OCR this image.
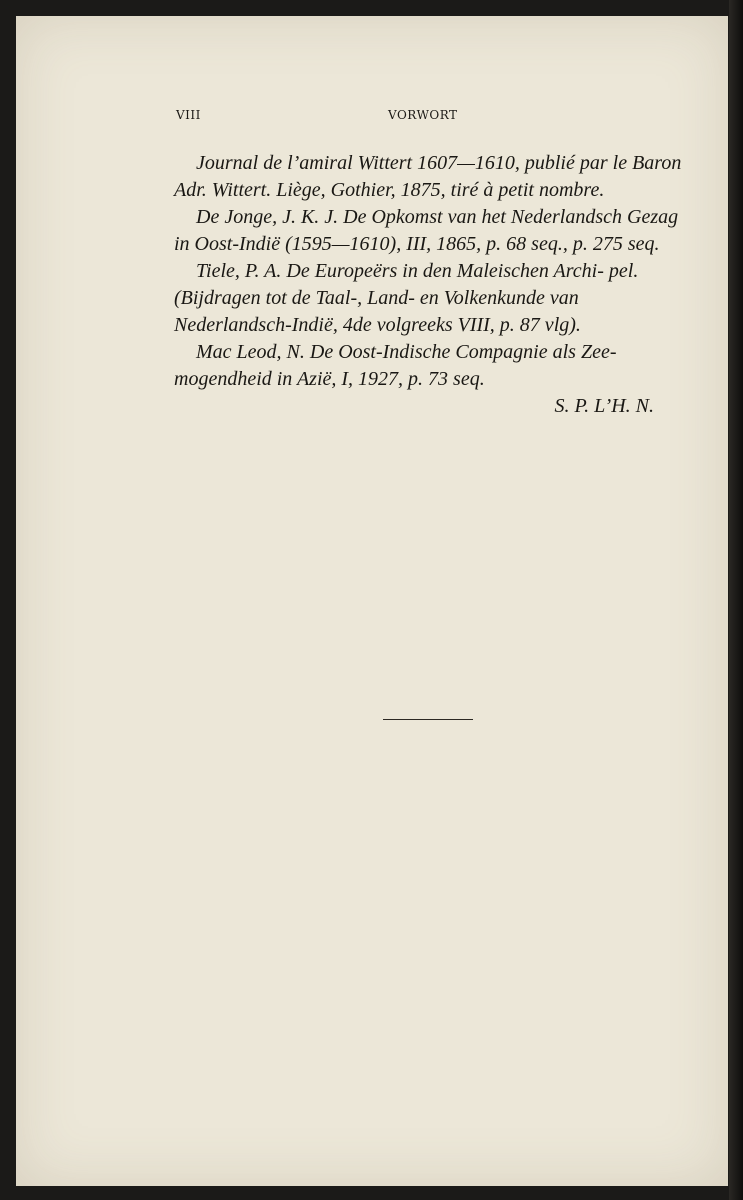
VIII	VORWORT

Journal de l’amiral Wittert 1607—1610, publié par le Baron Adr. Wittert. Liège, Gothier, 1875, tiré à petit nombre.

De Jonge, J. K. J. De Opkomst van het Nederlandsch Gezag in Oost-Indië (1595—1610), III, 1865, p. 68 seq., p. 275 seq.

Tiele, P. A. De Europeërs in den Maleischen Archi- pel. (Bijdragen tot de Taal-, Land- en Volkenkunde van Nederlandsch-Indië, 4de volgreeks VIII, p. 87 vlg).

Mac Leod, N. De Oost-Indische Compagnie als Zee- mogendheid in Azië, I, 1927, p. 73 seq.

S. P. L’H. N.
